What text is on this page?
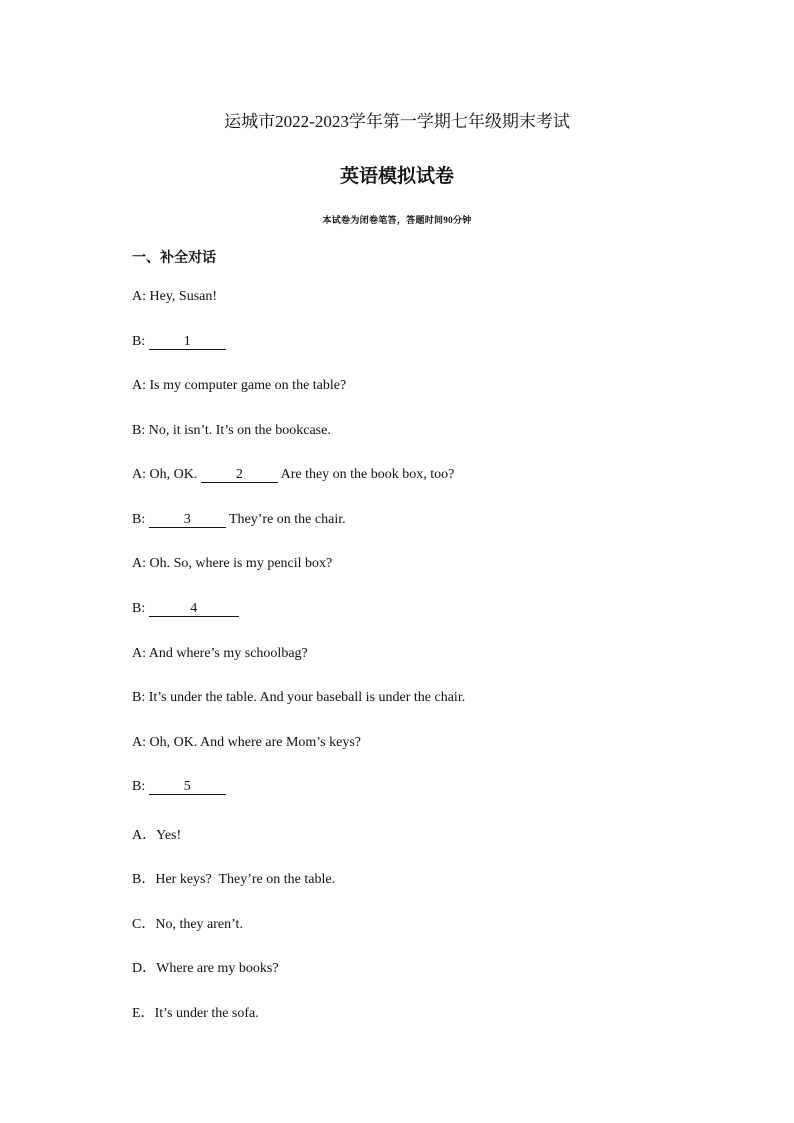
运城市2022-2023学年第一学期七年级期末考试
英语模拟试卷
本试卷为闭卷笔答，答题时间90分钟
一、补全对话
A: Hey, Susan!
B:	1
A: Is my computer game on the table?
B: No, it isn’t. It’s on the bookcase.
A: Oh, OK.	2	Are they on the book box, too?
B:	3	They’re on the chair.
A: Oh. So, where is my pencil box?
B:	4
A: And where’s my schoolbag?
B: It’s under the table. And your baseball is under the chair.
A: Oh, OK. And where are Mom’s keys?
B:	5
A．Yes!
B．Her keys?  They’re on the table.
C．No, they aren’t.
D．Where are my books?
E．It’s under the sofa.
